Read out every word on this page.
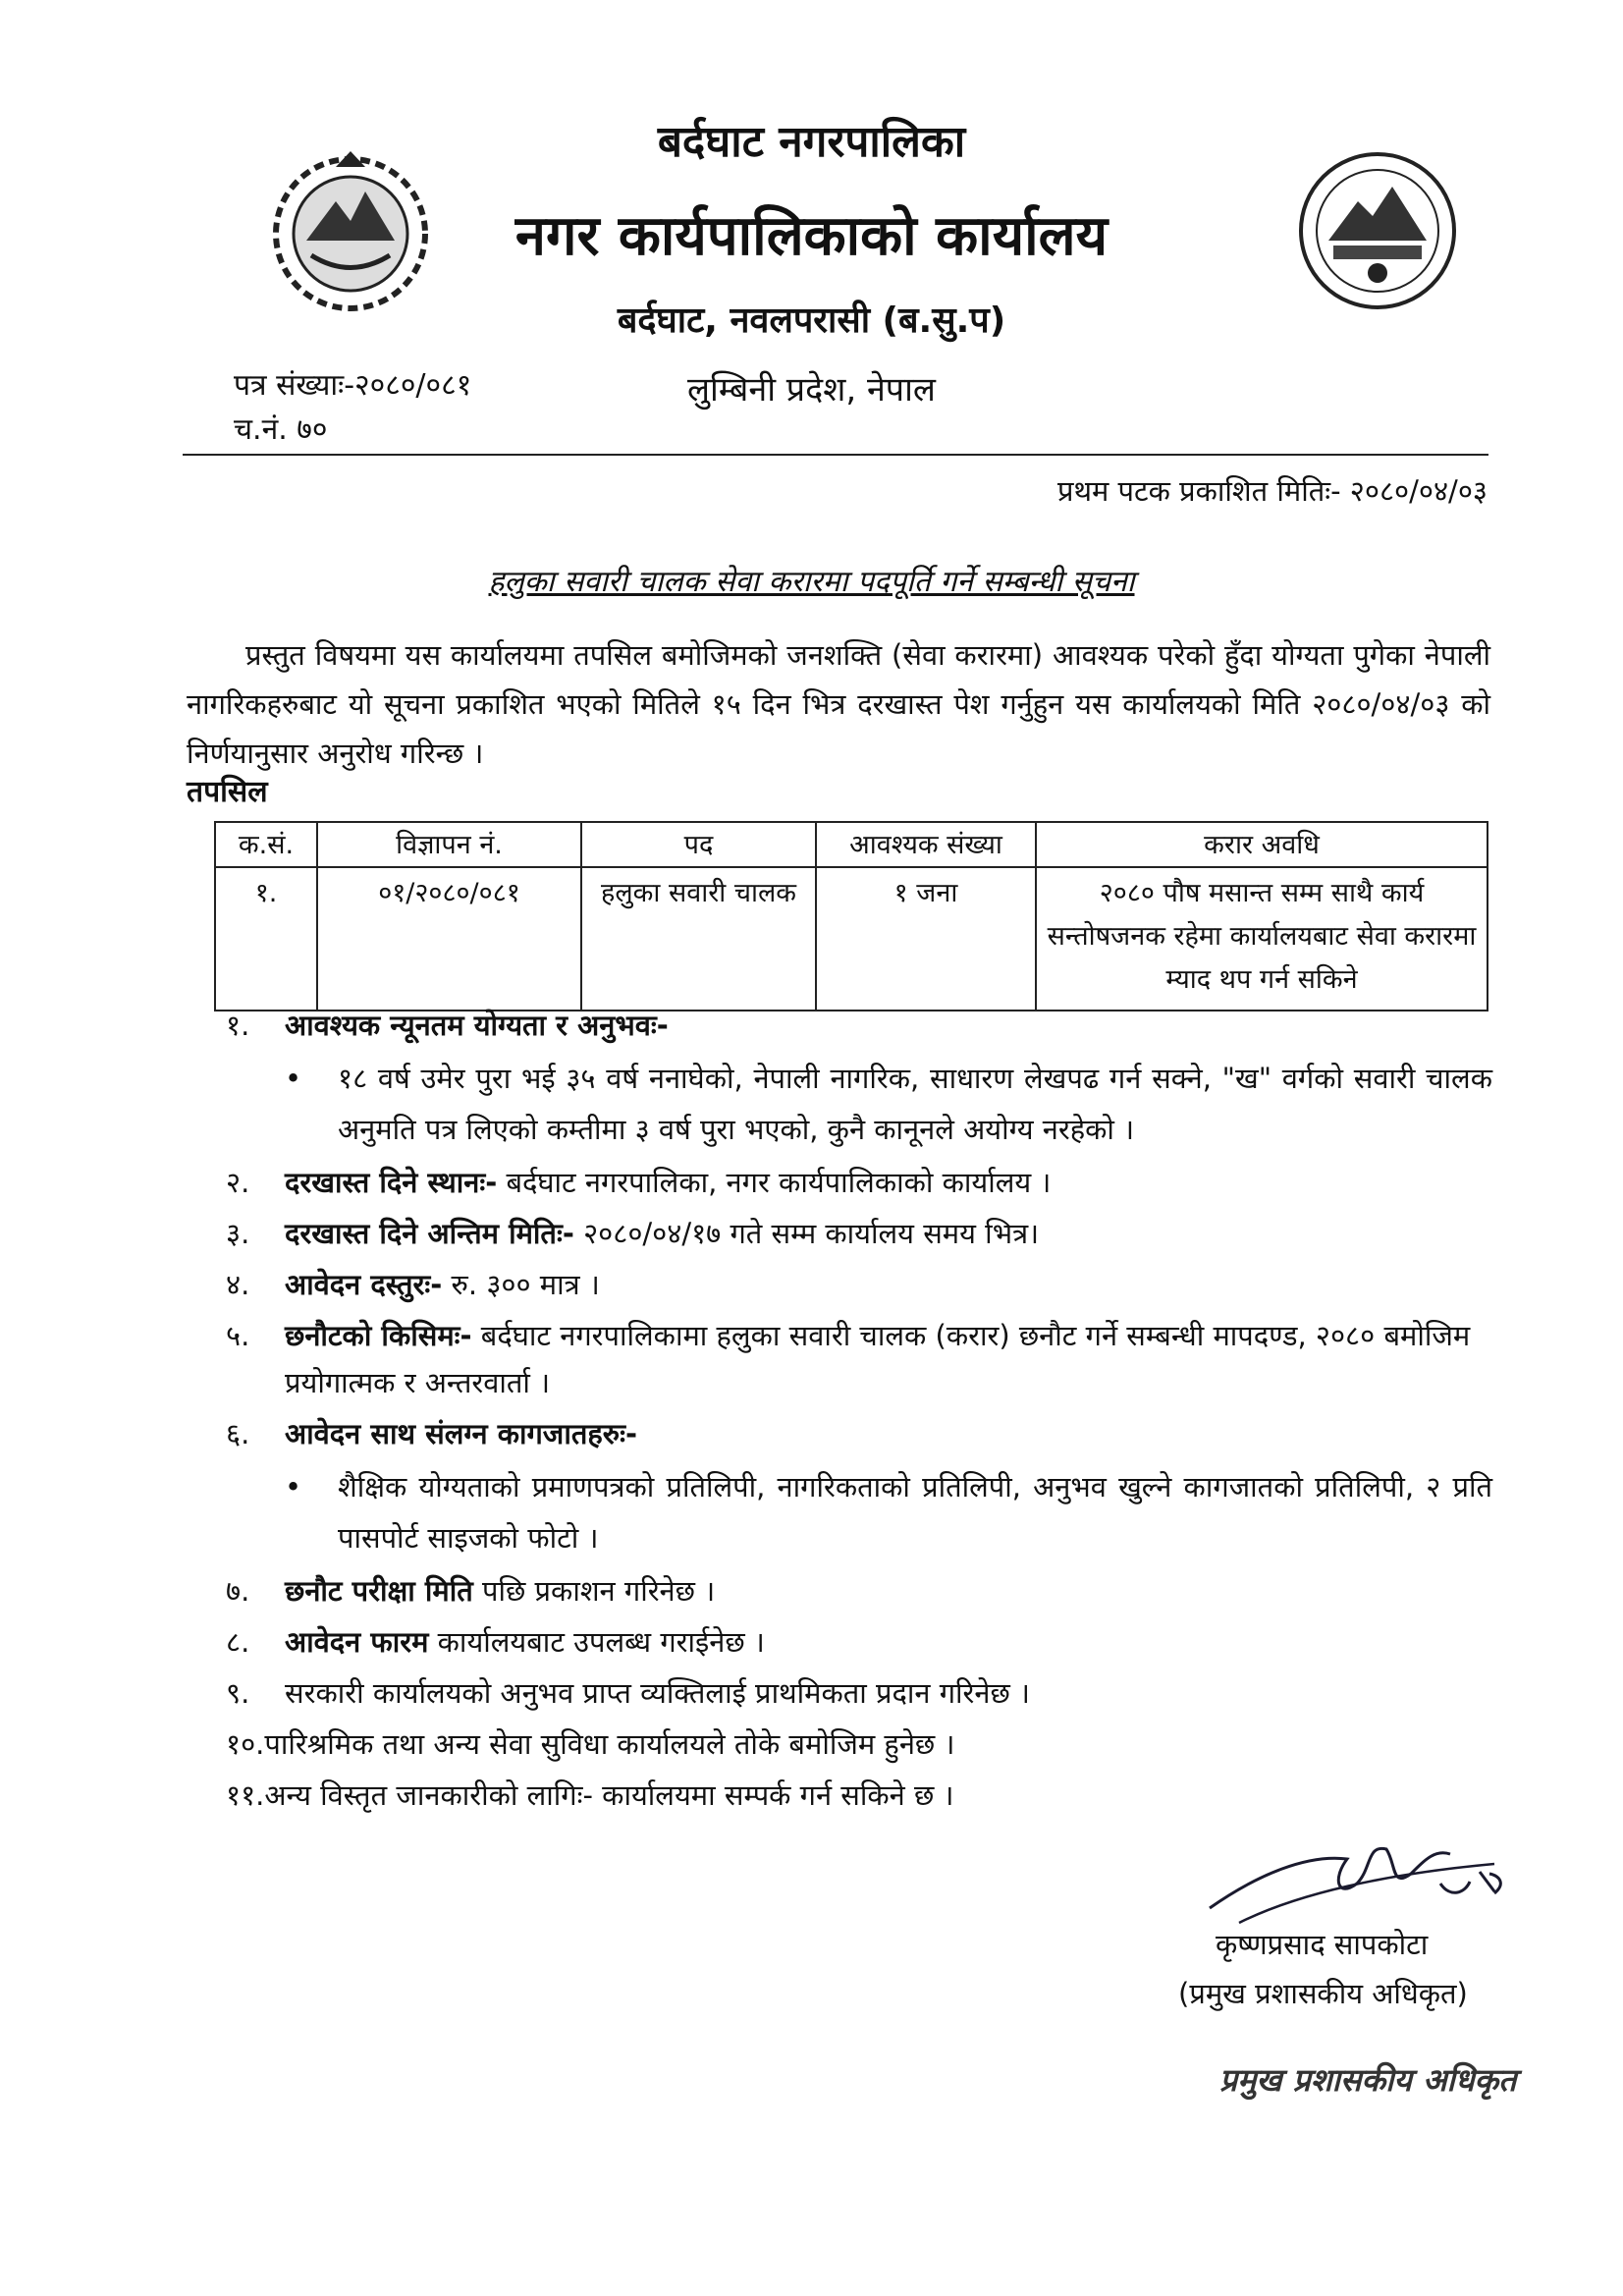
बर्दघाट नगरपालिका
नगर कार्यपालिकाको कार्यालय
बर्दघाट, नवलपरासी (ब.सु.प)
लुम्बिनी प्रदेश, नेपाल
पत्र संख्याः-२०८०/०८१
च.नं. ७०
प्रथम पटक प्रकाशित मितिः- २०८०/०४/०३
हलुका सवारी चालक सेवा करारमा पदपूर्ति गर्ने सम्बन्धी सूचना
प्रस्तुत विषयमा यस कार्यालयमा तपसिल बमोजिमको जनशक्ति (सेवा करारमा) आवश्यक परेको हुँदा योग्यता पुगेका नेपाली नागरिकहरुबाट यो सूचना प्रकाशित भएको मितिले १५ दिन भित्र दरखास्त पेश गर्नुहुन यस कार्यालयको मिति २०८०/०४/०३ को निर्णयानुसार अनुरोध गरिन्छ ।
तपसिल
क.सं.	विज्ञापन नं.	पद	आवश्यक संख्या	करार अवधि
१.	०१/२०८०/०८१	हलुका सवारी चालक	१ जना	२०८० पौष मसान्त सम्म साथै कार्य सन्तोषजनक रहेमा कार्यालयबाट सेवा करारमा म्याद थप गर्न सकिने
१. आवश्यक न्यूनतम योग्यता र अनुभवः-
•	१८ वर्ष उमेर पुरा भई ३५ वर्ष ननाघेको, नेपाली नागरिक, साधारण लेखपढ गर्न सक्ने, "ख" वर्गको सवारी चालक अनुमति पत्र लिएको कम्तीमा ३ वर्ष पुरा भएको, कुनै कानूनले अयोग्य नरहेको ।
२. दरखास्त दिने स्थानः- बर्दघाट नगरपालिका, नगर कार्यपालिकाको कार्यालय ।
३. दरखास्त दिने अन्तिम मितिः- २०८०/०४/१७ गते सम्म कार्यालय समय भित्र।
४. आवेदन दस्तुरः- रु. ३०० मात्र ।
५. छनौटको किसिमः- बर्दघाट नगरपालिकामा हलुका सवारी चालक (करार) छनौट गर्ने सम्बन्धी मापदण्ड, २०८० बमोजिम प्रयोगात्मक र अन्तरवार्ता ।
६. आवेदन साथ संलग्न कागजातहरुः-
•	शैक्षिक योग्यताको प्रमाणपत्रको प्रतिलिपी, नागरिकताको प्रतिलिपी, अनुभव खुल्ने कागजातको प्रतिलिपी, २ प्रति पासपोर्ट साइजको फोटो ।
७. छनौट परीक्षा मिति पछि प्रकाशन गरिनेछ ।
८. आवेदन फारम कार्यालयबाट उपलब्ध गराईनेछ ।
९. सरकारी कार्यालयको अनुभव प्राप्त व्यक्तिलाई प्राथमिकता प्रदान गरिनेछ ।
१०.पारिश्रमिक तथा अन्य सेवा सुविधा कार्यालयले तोके बमोजिम हुनेछ ।
११.अन्य विस्तृत जानकारीको लागिः- कार्यालयमा सम्पर्क गर्न सकिने छ ।
कृष्णप्रसाद सापकोटा
(प्रमुख प्रशासकीय अधिकृत)
प्रमुख प्रशासकीय अधिकृत
